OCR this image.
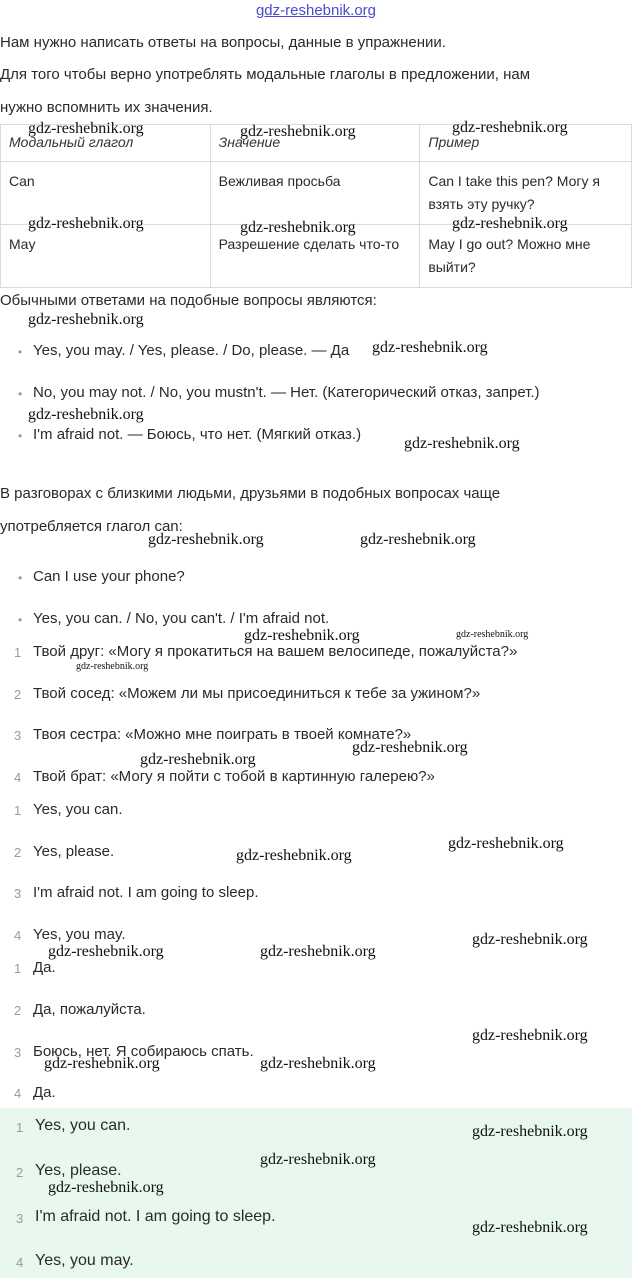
gdz-reshebnik.org
Нам нужно написать ответы на вопросы, данные в упражнении.
Для того чтобы верно употреблять модальные глаголы в предложении, нам
нужно вспомнить их значения.
Модальный глагол	Значение	Пример
Can	Вежливая просьба	Can I take this pen? Могу я взять эту ручку?
May	Разрешение сделать что-то	May I go out? Можно мне выйти?
Обычными ответами на подобные вопросы являются:
• Yes, you may. / Yes, please. / Do, please. — Да
• No, you may not. / No, you mustn't. — Нет. (Категорический отказ, запрет.)
• I'm afraid not. — Боюсь, что нет. (Мягкий отказ.)
В разговорах с близкими людьми, друзьями в подобных вопросах чаще
употребляется глагол can:
• Can I use your phone?
• Yes, you can. / No, you can't. / I'm afraid not.
1 Твой друг: «Могу я прокатиться на вашем велосипеде, пожалуйста?»
2 Твой сосед: «Можем ли мы присоединиться к тебе за ужином?»
3 Твоя сестра: «Можно мне поиграть в твоей комнате?»
4 Твой брат: «Могу я пойти с тобой в картинную галерею?»
1 Yes, you can.
2 Yes, please.
3 I'm afraid not. I am going to sleep.
4 Yes, you may.
1 Да.
2 Да, пожалуйста.
3 Боюсь, нет. Я собираюсь спать.
4 Да.
1 Yes, you can.
2 Yes, please.
3 I'm afraid not. I am going to sleep.
4 Yes, you may.
gdz-reshebnik.org	gdz-reshebnik.org	gdz-reshebnik.org
gdz-reshebnik.org	gdz-reshebnik.org	gdz-reshebnik.org
gdz-reshebnik.org
gdz-reshebnik.org
gdz-reshebnik.org
gdz-reshebnik.org
gdz-reshebnik.org	gdz-reshebnik.org
gdz-reshebnik.org	gdz-reshebnik.org
gdz-reshebnik.org
gdz-reshebnik.org
gdz-reshebnik.org
gdz-reshebnik.org
gdz-reshebnik.org
gdz-reshebnik.org	gdz-reshebnik.org
gdz-reshebnik.org
gdz-reshebnik.org
gdz-reshebnik.org	gdz-reshebnik.org
gdz-reshebnik.org
gdz-reshebnik.org
gdz-reshebnik.org
gdz-reshebnik.org
